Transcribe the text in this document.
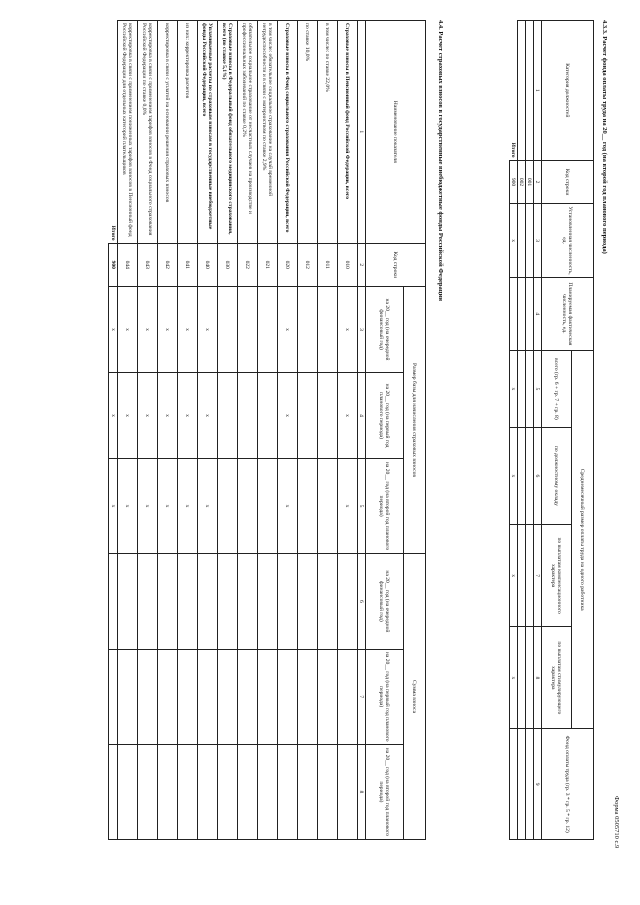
Форма 0505710 с.9
4.3.3. Расчет фонда оплаты труда на 20__ год (на второй год планового периода)
Категория должностей	Код строки	Установленная численность, ед.	Планируемая фактическая численность, ед.	Среднемесячный размер оплаты труда на одного работника				Фонд оплаты труда (гр. 3 * гр. 5 * гр. 12)
				всего (гр. 6 + гр. 7 + гр. 8)	по должностному окладу	по выплатам компенсационного характера	по выплатам стимулирующего характера	
1	2	3	4	5	6	7	8	9
	001							
	002							
Итого	900	х		х	х	х	х	
4.4. Расчет страховых взносов в государственные внебюджетные фонды Российской Федерации
Наименование показателя	Код строки	Размер базы для начисления страховых взносов			Сумма взноса		
		на 20__ год (на очередной финансовый год)	на 20__ год (на первый год планового периода)	на 20__ год (на второй год планового периода)	на 20__ год (на очередной финансовый год)	на 20__ год (на первый год планового периода)	на 20__ год (на второй год планового периода)
1	2	3	4	5	6	7	8
Страховые взносы в Пенсионный фонд Российской Федерации, всего	010	х	х	х			
в том числе: по ставке 22,0%	011						
по ставке 10,0%	012						
Страховые взносы в Фонд социального страхования Российской Федерации, всего	020	х	х	х			
в том числе: обязательное социальное страхование на случай временной нетрудоспособности и в связи с материнством по ставке 2,9%	021						
обязательное социальное страхование от несчастных случаев на производстве и профессиональных заболеваний по ставке 0,2%	022						
Страховые взносы в Федеральный фонд обязательного медицинского страхования, всего (по ставке 5,1%)	030						
Уплачиваемые расчеты по страховым взносам в государственные внебюджетные фонды Российской Федерации, всего	040	х	х	х			
из них: корректировка расчетов	041	х	х	х			
корректировка в связи с уплатой на основании решения страховых взносов	042	х	х	х			
корректировка в связи с применением тарифов взносов в Фонд социального страхования Российской Федерации по ставке 0,0%	043	х	х	х			
корректировка в связи с применением пониженных тарифов взносов в Пенсионный фонд Российской Федерации для отдельных категорий плательщиков	044	х	х	х			
Итого	900	х	х	х			
